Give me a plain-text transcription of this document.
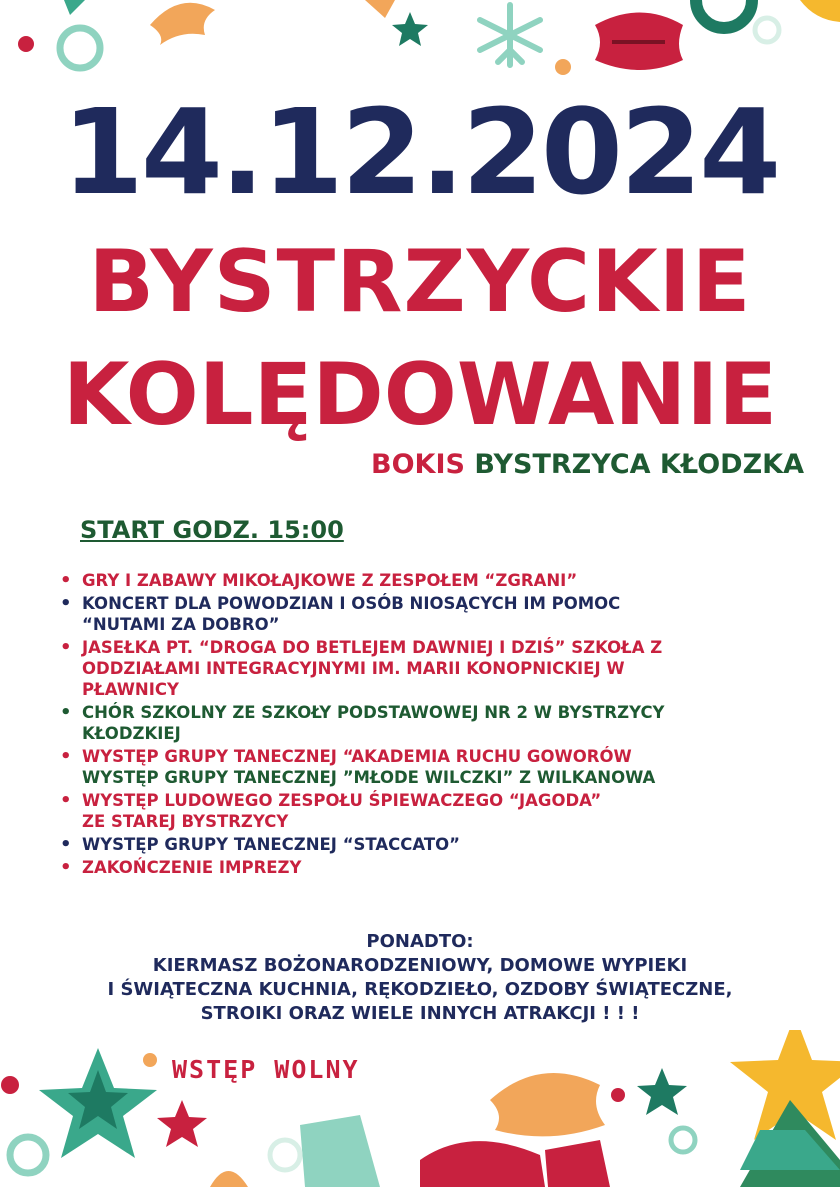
14.12.2024
BYSTRZYCKIE
KOLĘDOWANIE
BOKIS BYSTRZYCA KŁODZKA
START GODZ. 15:00
• GRY I ZABAWY MIKOŁAJKOWE Z ZESPOŁEM “ZGRANI”
• KONCERT DLA POWODZIAN I OSÓB NIOSĄCYCH IM POMOC
“NUTAMI ZA DOBRO”
• JASEŁKA PT. “DROGA DO BETLEJEM DAWNIEJ I DZIŚ” SZKOŁA Z
ODDZIAŁAMI INTEGRACYJNYMI IM. MARII KONOPNICKIEJ W
PŁAWNICY
• CHÓR SZKOLNY ZE SZKOŁY PODSTAWOWEJ NR 2 W BYSTRZYCY
KŁODZKIEJ
• WYSTĘP GRUPY TANECZNEJ “AKADEMIA RUCHU GOWORÓW
WYSTĘP GRUPY TANECZNEJ ”MŁODE WILCZKI” Z WILKANOWA
• WYSTĘP LUDOWEGO ZESPOŁU ŚPIEWACZEGO “JAGODA”
ZE STAREJ BYSTRZYCY
• WYSTĘP GRUPY TANECZNEJ “STACCATO”
• ZAKOŃCZENIE IMPREZY
PONADTO:
KIERMASZ BOŻONARODZENIOWY, DOMOWE WYPIEKI
I ŚWIĄTECZNA KUCHNIA, RĘKODZIEŁO, OZDOBY ŚWIĄTECZNE,
STROIKI ORAZ WIELE INNYCH ATRAKCJI ! ! !
WSTĘP WOLNY
